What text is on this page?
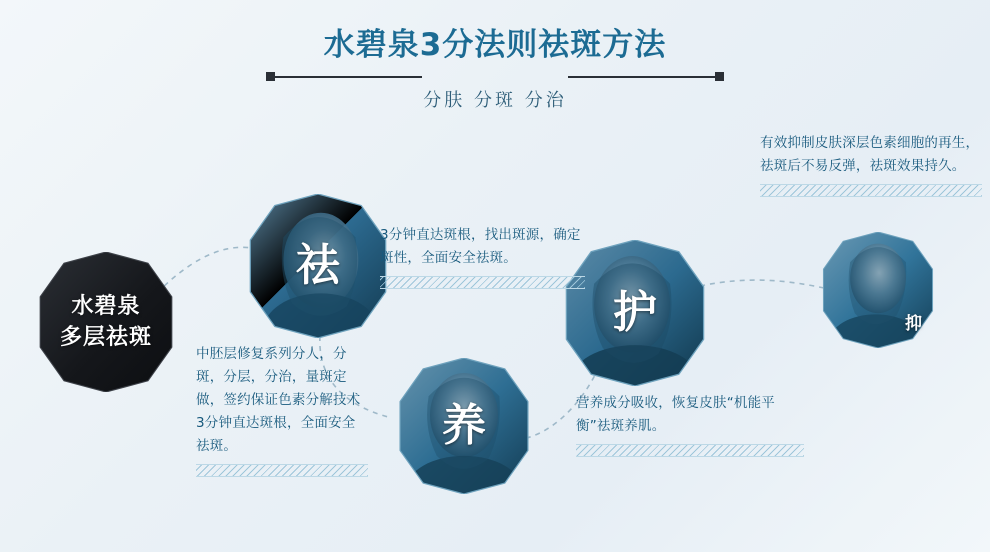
水碧泉3分法则祛斑方法
分肤 分斑 分治
水碧泉
多层祛斑
祛
养
护	抑
3分钟直达斑根，找出斑源，确定斑性，全面安全祛斑。
中胚层修复系列分人，分斑，分层，分治，量斑定做，签约保证色素分解技术3分钟直达斑根，全面安全祛斑。
营养成分吸收，恢复皮肤“机能平衡”祛斑养肌。
有效抑制皮肤深层色素细胞的再生，祛斑后不易反弹，祛斑效果持久。
